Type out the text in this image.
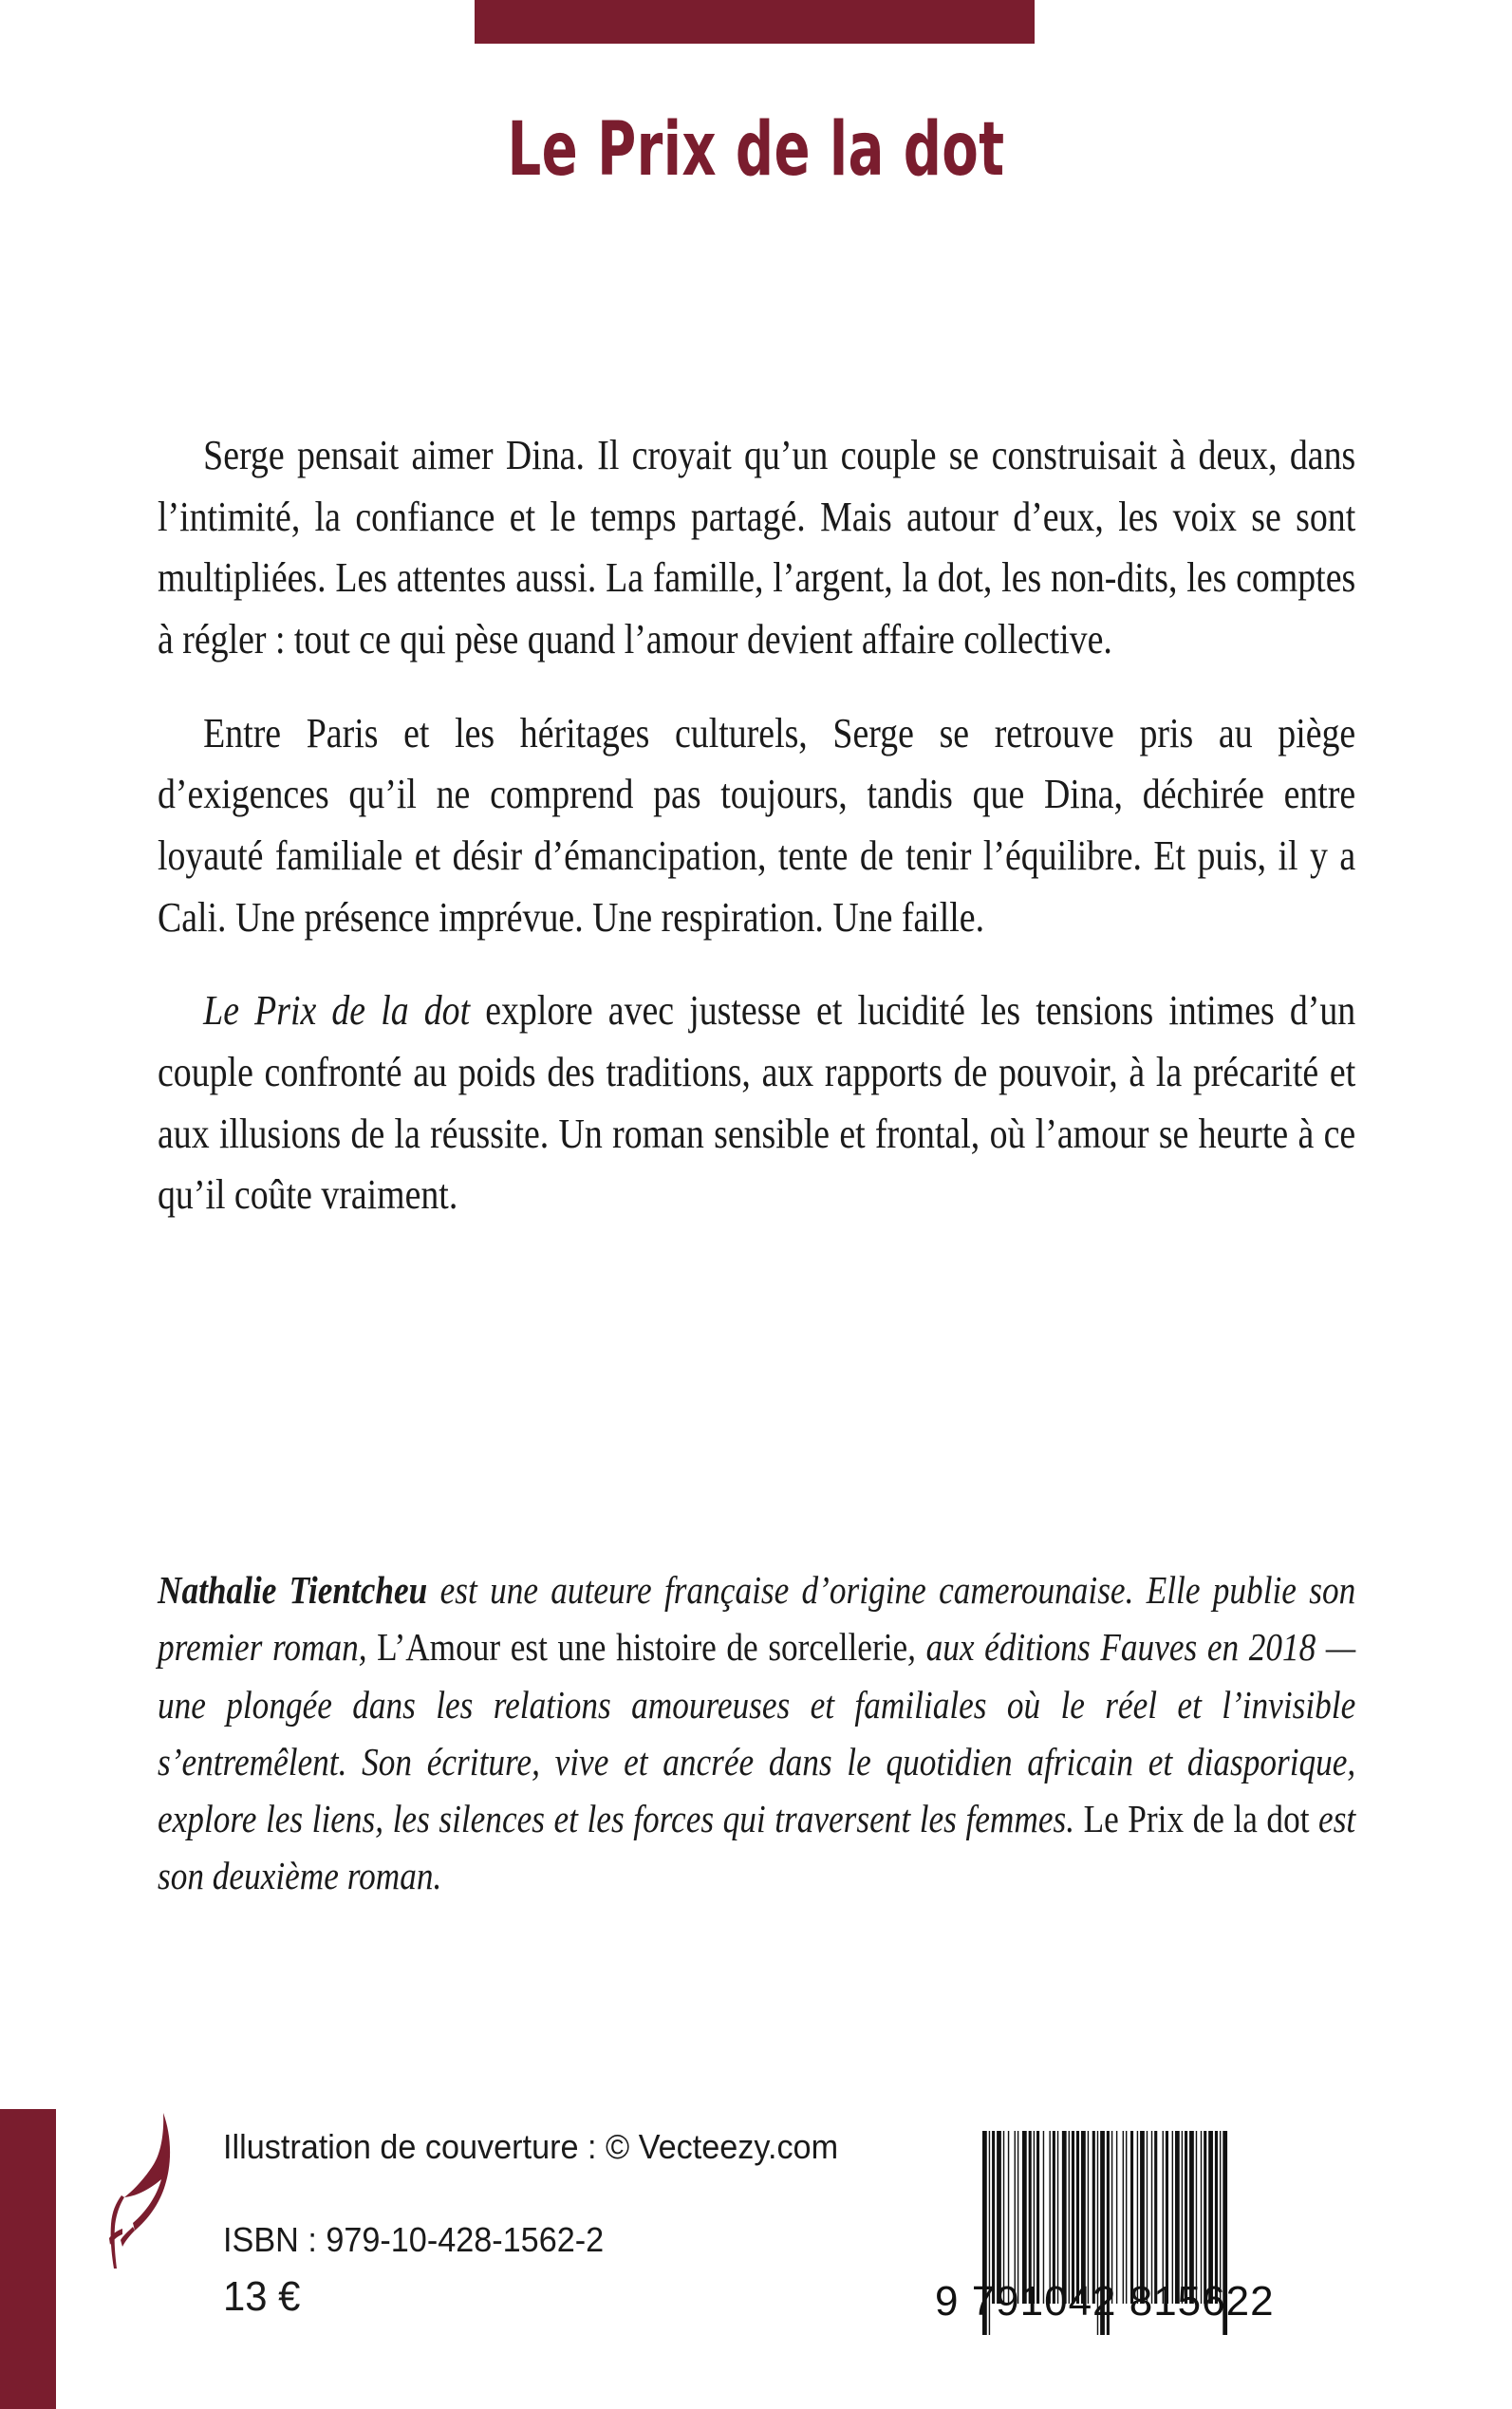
Le Prix de la dot

Serge pensait aimer Dina. Il croyait qu’un couple se construisait à deux, dans l’intimité, la confiance et le temps partagé. Mais autour d’eux, les voix se sont multipliées. Les attentes aussi. La famille, l’argent, la dot, les non-dits, les comptes à régler : tout ce qui pèse quand l’amour devient affaire collective.

Entre Paris et les héritages culturels, Serge se retrouve pris au piège d’exigences qu’il ne comprend pas toujours, tandis que Dina, déchirée entre loyauté familiale et désir d’émancipation, tente de tenir l’équilibre. Et puis, il y a Cali. Une présence imprévue. Une respiration. Une faille.

Le Prix de la dot explore avec justesse et lucidité les tensions intimes d’un couple confronté au poids des traditions, aux rapports de pouvoir, à la précarité et aux illusions de la réussite. Un roman sensible et frontal, où l’amour se heurte à ce qu’il coûte vraiment.

Nathalie Tientcheu est une auteure française d’origine camerounaise. Elle publie son premier roman, L’Amour est une histoire de sorcellerie, aux éditions Fauves en 2018 — une plongée dans les relations amoureuses et familiales où le réel et l’invisible s’entremêlent. Son écriture, vive et ancrée dans le quotidien africain et diasporique, explore les liens, les silences et les forces qui traversent les femmes. Le Prix de la dot est son deuxième roman.

Illustration de couverture : © Vecteezy.com
ISBN : 979-10-428-1562-2
13 €	9 791042 815622
